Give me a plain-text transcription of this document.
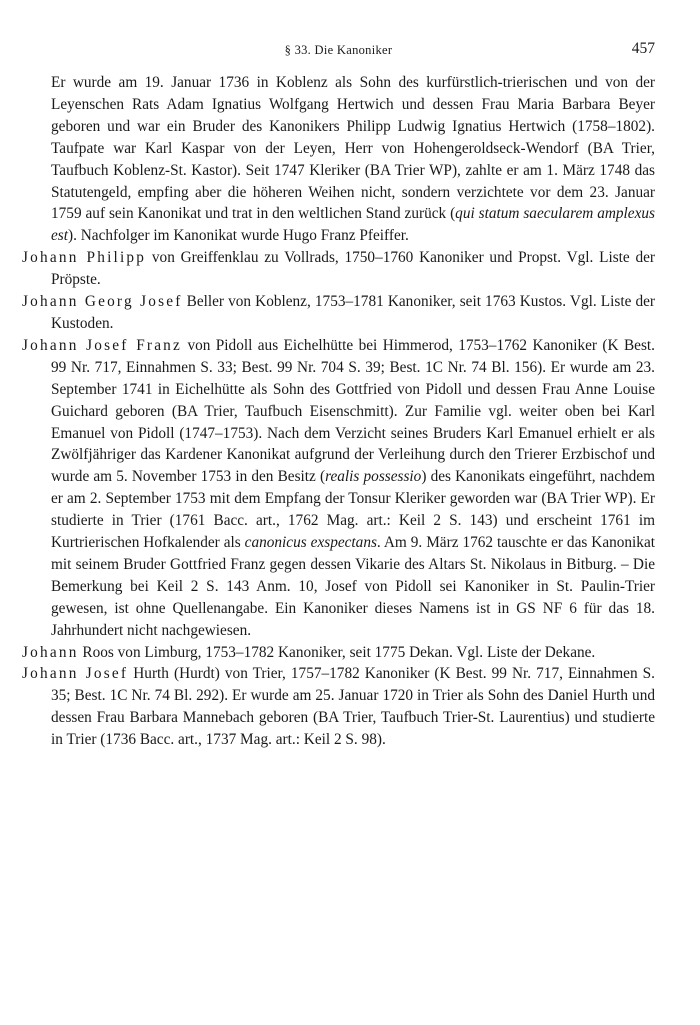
§ 33. Die Kanoniker	457

Er wurde am 19. Januar 1736 in Koblenz als Sohn des kurfürstlich-trierischen und von der Leyenschen Rats Adam Ignatius Wolfgang Hertwich und dessen Frau Maria Barbara Beyer geboren und war ein Bruder des Kanonikers Philipp Ludwig Ignatius Hertwich (1758–1802). Taufpate war Karl Kaspar von der Leyen, Herr von Hohengeroldseck-Wendorf (BA Trier, Taufbuch Koblenz-St. Kastor). Seit 1747 Kleriker (BA Trier WP), zahlte er am 1. März 1748 das Statutengeld, empfing aber die höheren Weihen nicht, sondern verzichtete vor dem 23. Januar 1759 auf sein Kanonikat und trat in den weltlichen Stand zurück (qui statum saecularem amplexus est). Nachfolger im Kanonikat wurde Hugo Franz Pfeiffer.

Johann Philipp von Greiffenklau zu Vollrads, 1750–1760 Kanoniker und Propst. Vgl. Liste der Pröpste.

Johann Georg Josef Beller von Koblenz, 1753–1781 Kanoniker, seit 1763 Kustos. Vgl. Liste der Kustoden.

Johann Josef Franz von Pidoll aus Eichelhütte bei Himmerod, 1753–1762 Kanoniker (K Best. 99 Nr. 717, Einnahmen S. 33; Best. 99 Nr. 704 S. 39; Best. 1C Nr. 74 Bl. 156). Er wurde am 23. September 1741 in Eichelhütte als Sohn des Gottfried von Pidoll und dessen Frau Anne Louise Guichard geboren (BA Trier, Taufbuch Eisenschmitt). Zur Familie vgl. weiter oben bei Karl Emanuel von Pidoll (1747–1753). Nach dem Verzicht seines Bruders Karl Emanuel erhielt er als Zwölfjähriger das Kardener Kanonikat aufgrund der Verleihung durch den Trierer Erzbischof und wurde am 5. November 1753 in den Besitz (realis possessio) des Kanonikats eingeführt, nachdem er am 2. September 1753 mit dem Empfang der Tonsur Kleriker geworden war (BA Trier WP). Er studierte in Trier (1761 Bacc. art., 1762 Mag. art.: Keil 2 S. 143) und erscheint 1761 im Kurtrierischen Hofkalender als canonicus exspectans. Am 9. März 1762 tauschte er das Kanonikat mit seinem Bruder Gottfried Franz gegen dessen Vikarie des Altars St. Nikolaus in Bitburg. – Die Bemerkung bei Keil 2 S. 143 Anm. 10, Josef von Pidoll sei Kanoniker in St. Paulin-Trier gewesen, ist ohne Quellenangabe. Ein Kanoniker dieses Namens ist in GS NF 6 für das 18. Jahrhundert nicht nachgewiesen.

Johann Roos von Limburg, 1753–1782 Kanoniker, seit 1775 Dekan. Vgl. Liste der Dekane.

Johann Josef Hurth (Hurdt) von Trier, 1757–1782 Kanoniker (K Best. 99 Nr. 717, Einnahmen S. 35; Best. 1C Nr. 74 Bl. 292). Er wurde am 25. Januar 1720 in Trier als Sohn des Daniel Hurth und dessen Frau Barbara Mannebach geboren (BA Trier, Taufbuch Trier-St. Laurentius) und studierte in Trier (1736 Bacc. art., 1737 Mag. art.: Keil 2 S. 98).
